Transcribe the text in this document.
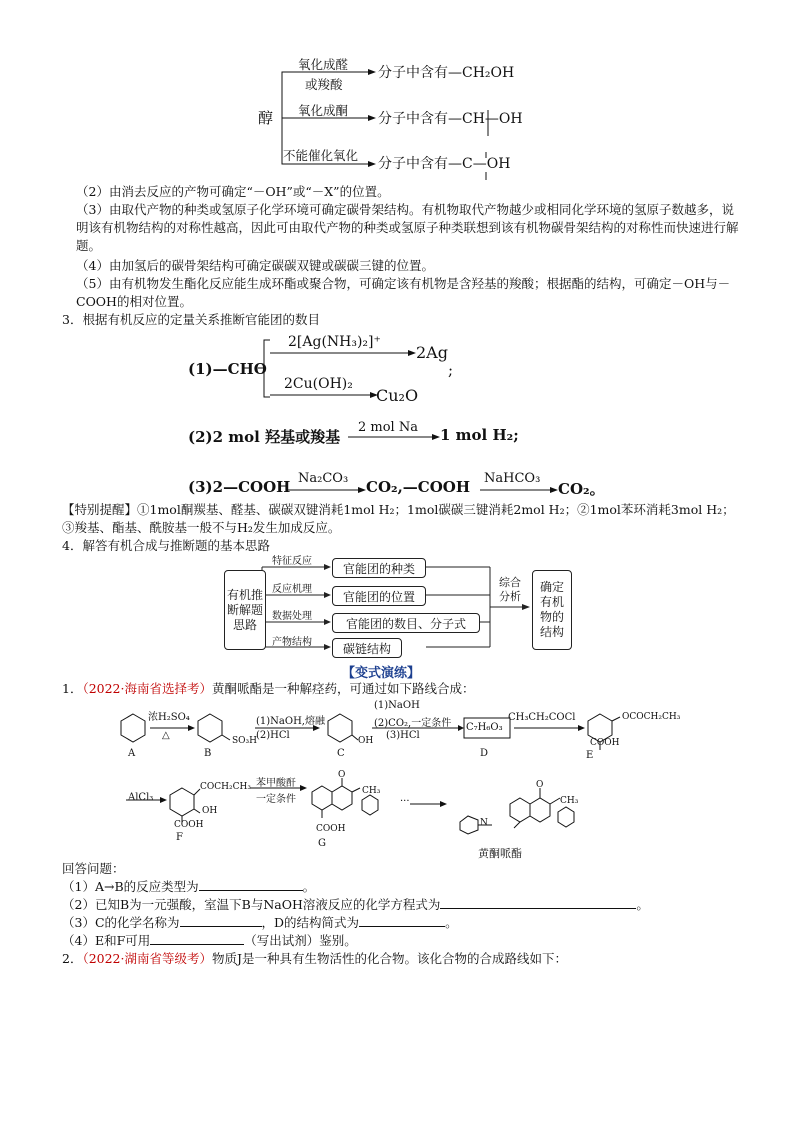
醇
氧化成醛
或羧酸
分子中含有—CH₂OH
氧化成酮
分子中含有—CH—OH
不能催化氧化
分子中含有—C—OH
（2）由消去反应的产物可确定“－OH”或“－X”的位置。
（3）由取代产物的种类或氢原子化学环境可确定碳骨架结构。有机物取代产物越少或相同化学环境的氢原子数越多，说明该有机物结构的对称性越高，因此可由取代产物的种类或氢原子种类联想到该有机物碳骨架结构的对称性而快速进行解题。
（4）由加氢后的碳骨架结构可确定碳碳双键或碳碳三键的位置。
（5）由有机物发生酯化反应能生成环酯或聚合物，可确定该有机物是含羟基的羧酸；根据酯的结构，可确定－OH与－COOH的相对位置。
3．根据有机反应的定量关系推断官能团的数目
(1)—CHO
2[Ag(NH₃)₂]⁺
2Ag
;
2Cu(OH)₂
Cu₂O
(2)2 mol 羟基或羧基
2 mol Na 1 mol H₂;
(3)2—COOH Na₂CO₃ CO₂,—COOH NaHCO₃
CO₂。
【特别提醒】①1mol酮羰基、醛基、碳碳双键消耗1mol H₂；1mol碳碳三键消耗2mol H₂；②1mol苯环消耗3mol H₂；③羧基、酯基、酰胺基一般不与H₂发生加成反应。
4．解答有机合成与推断题的基本思路
有机推断解题思路
特征反应
反应机理
数据处理
产物结构
官能团的种类
官能团的位置
官能团的数目、分子式
碳链结构
综合分析
确定有机物的结构
【变式演练】
1．（2022·海南省选择考）黄酮哌酯是一种解痉药，可通过如下路线合成：
A	B	C	D	E
F
G
黄酮哌酯
浓H₂SO₄
△	SO₃H
(1)NaOH,熔融
(2)HCl	OH
(1)NaOH
(2)CO₂,一定条件
(3)HCl
C₇H₆O₃
CH₃CH₂COCl	OCOCH₂CH₃
COOH
AlCl₃
COCH₂CH₃
OH
COOH
苯甲酸酐
一定条件
O
CH₃
COOH
···
O
CH₃
N
回答问题：
（1）A→B的反应类型为	。
（2）已知B为一元强酸，室温下B与NaOH溶液反应的化学方程式为	。
（3）C的化学名称为	，D的结构简式为	。
（4）E和F可用	（写出试剂）鉴别。
2．（2022·湖南省等级考）物质J是一种具有生物活性的化合物。该化合物的合成路线如下：
